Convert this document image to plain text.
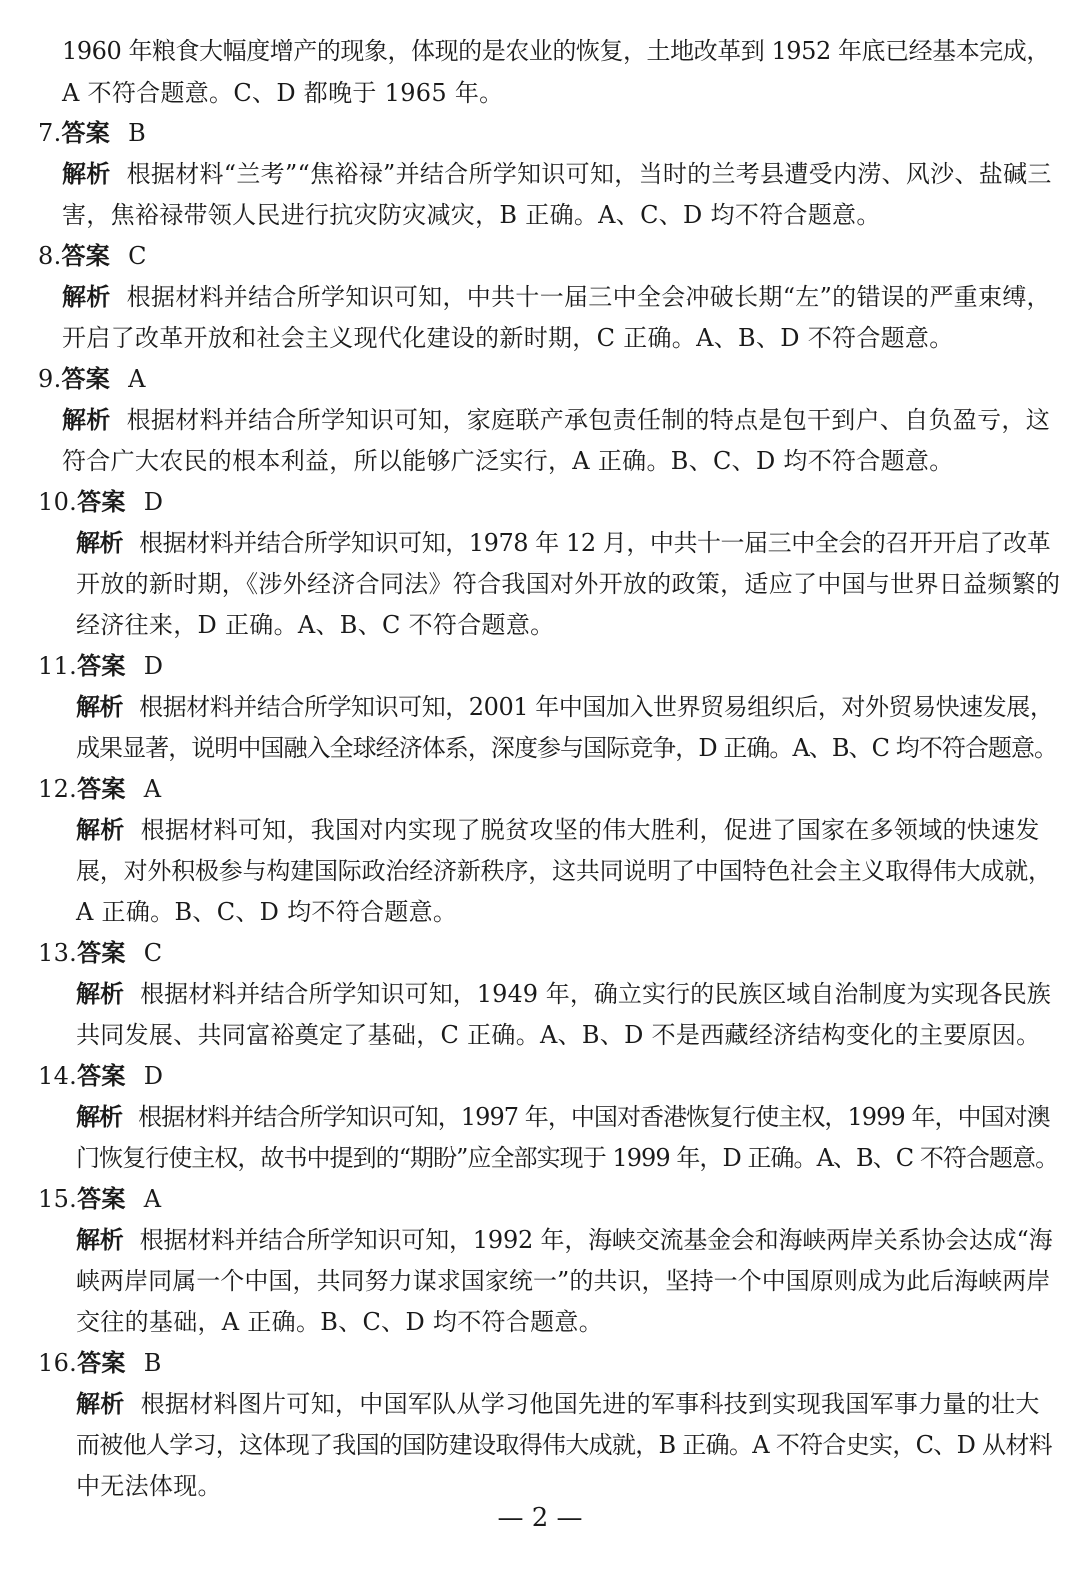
1960 年粮食大幅度增产的现象，体现的是农业的恢复，土地改革到 1952 年底已经基本完成，
A 不符合题意。C、D 都晚于 1965 年。
7.答案 B
解析 根据材料“兰考”“焦裕禄”并结合所学知识可知，当时的兰考县遭受内涝、风沙、盐碱三
害，焦裕禄带领人民进行抗灾防灾减灾，B 正确。A、C、D 均不符合题意。
8.答案 C
解析 根据材料并结合所学知识可知，中共十一届三中全会冲破长期“左”的错误的严重束缚，
开启了改革开放和社会主义现代化建设的新时期，C 正确。A、B、D 不符合题意。
9.答案 A
解析 根据材料并结合所学知识可知，家庭联产承包责任制的特点是包干到户、自负盈亏，这
符合广大农民的根本利益，所以能够广泛实行，A 正确。B、C、D 均不符合题意。
10.答案 D
解析 根据材料并结合所学知识可知，1978 年 12 月，中共十一届三中全会的召开开启了改革
开放的新时期，《涉外经济合同法》符合我国对外开放的政策，适应了中国与世界日益频繁的
经济往来，D 正确。A、B、C 不符合题意。
11.答案 D
解析 根据材料并结合所学知识可知，2001 年中国加入世界贸易组织后，对外贸易快速发展，
成果显著，说明中国融入全球经济体系，深度参与国际竞争，D 正确。A、B、C 均不符合题意。
12.答案 A
解析 根据材料可知，我国对内实现了脱贫攻坚的伟大胜利，促进了国家在多领域的快速发
展，对外积极参与构建国际政治经济新秩序，这共同说明了中国特色社会主义取得伟大成就，
A 正确。B、C、D 均不符合题意。
13.答案 C
解析 根据材料并结合所学知识可知，1949 年，确立实行的民族区域自治制度为实现各民族
共同发展、共同富裕奠定了基础，C 正确。A、B、D 不是西藏经济结构变化的主要原因。
14.答案 D
解析 根据材料并结合所学知识可知，1997 年，中国对香港恢复行使主权，1999 年，中国对澳
门恢复行使主权，故书中提到的“期盼”应全部实现于 1999 年，D 正确。A、B、C 不符合题意。
15.答案 A
解析 根据材料并结合所学知识可知，1992 年，海峡交流基金会和海峡两岸关系协会达成“海
峡两岸同属一个中国，共同努力谋求国家统一”的共识，坚持一个中国原则成为此后海峡两岸
交往的基础，A 正确。B、C、D 均不符合题意。
16.答案 B
解析 根据材料图片可知，中国军队从学习他国先进的军事科技到实现我国军事力量的壮大
而被他人学习，这体现了我国的国防建设取得伟大成就，B 正确。A 不符合史实，C、D 从材料
中无法体现。
— 2 —
